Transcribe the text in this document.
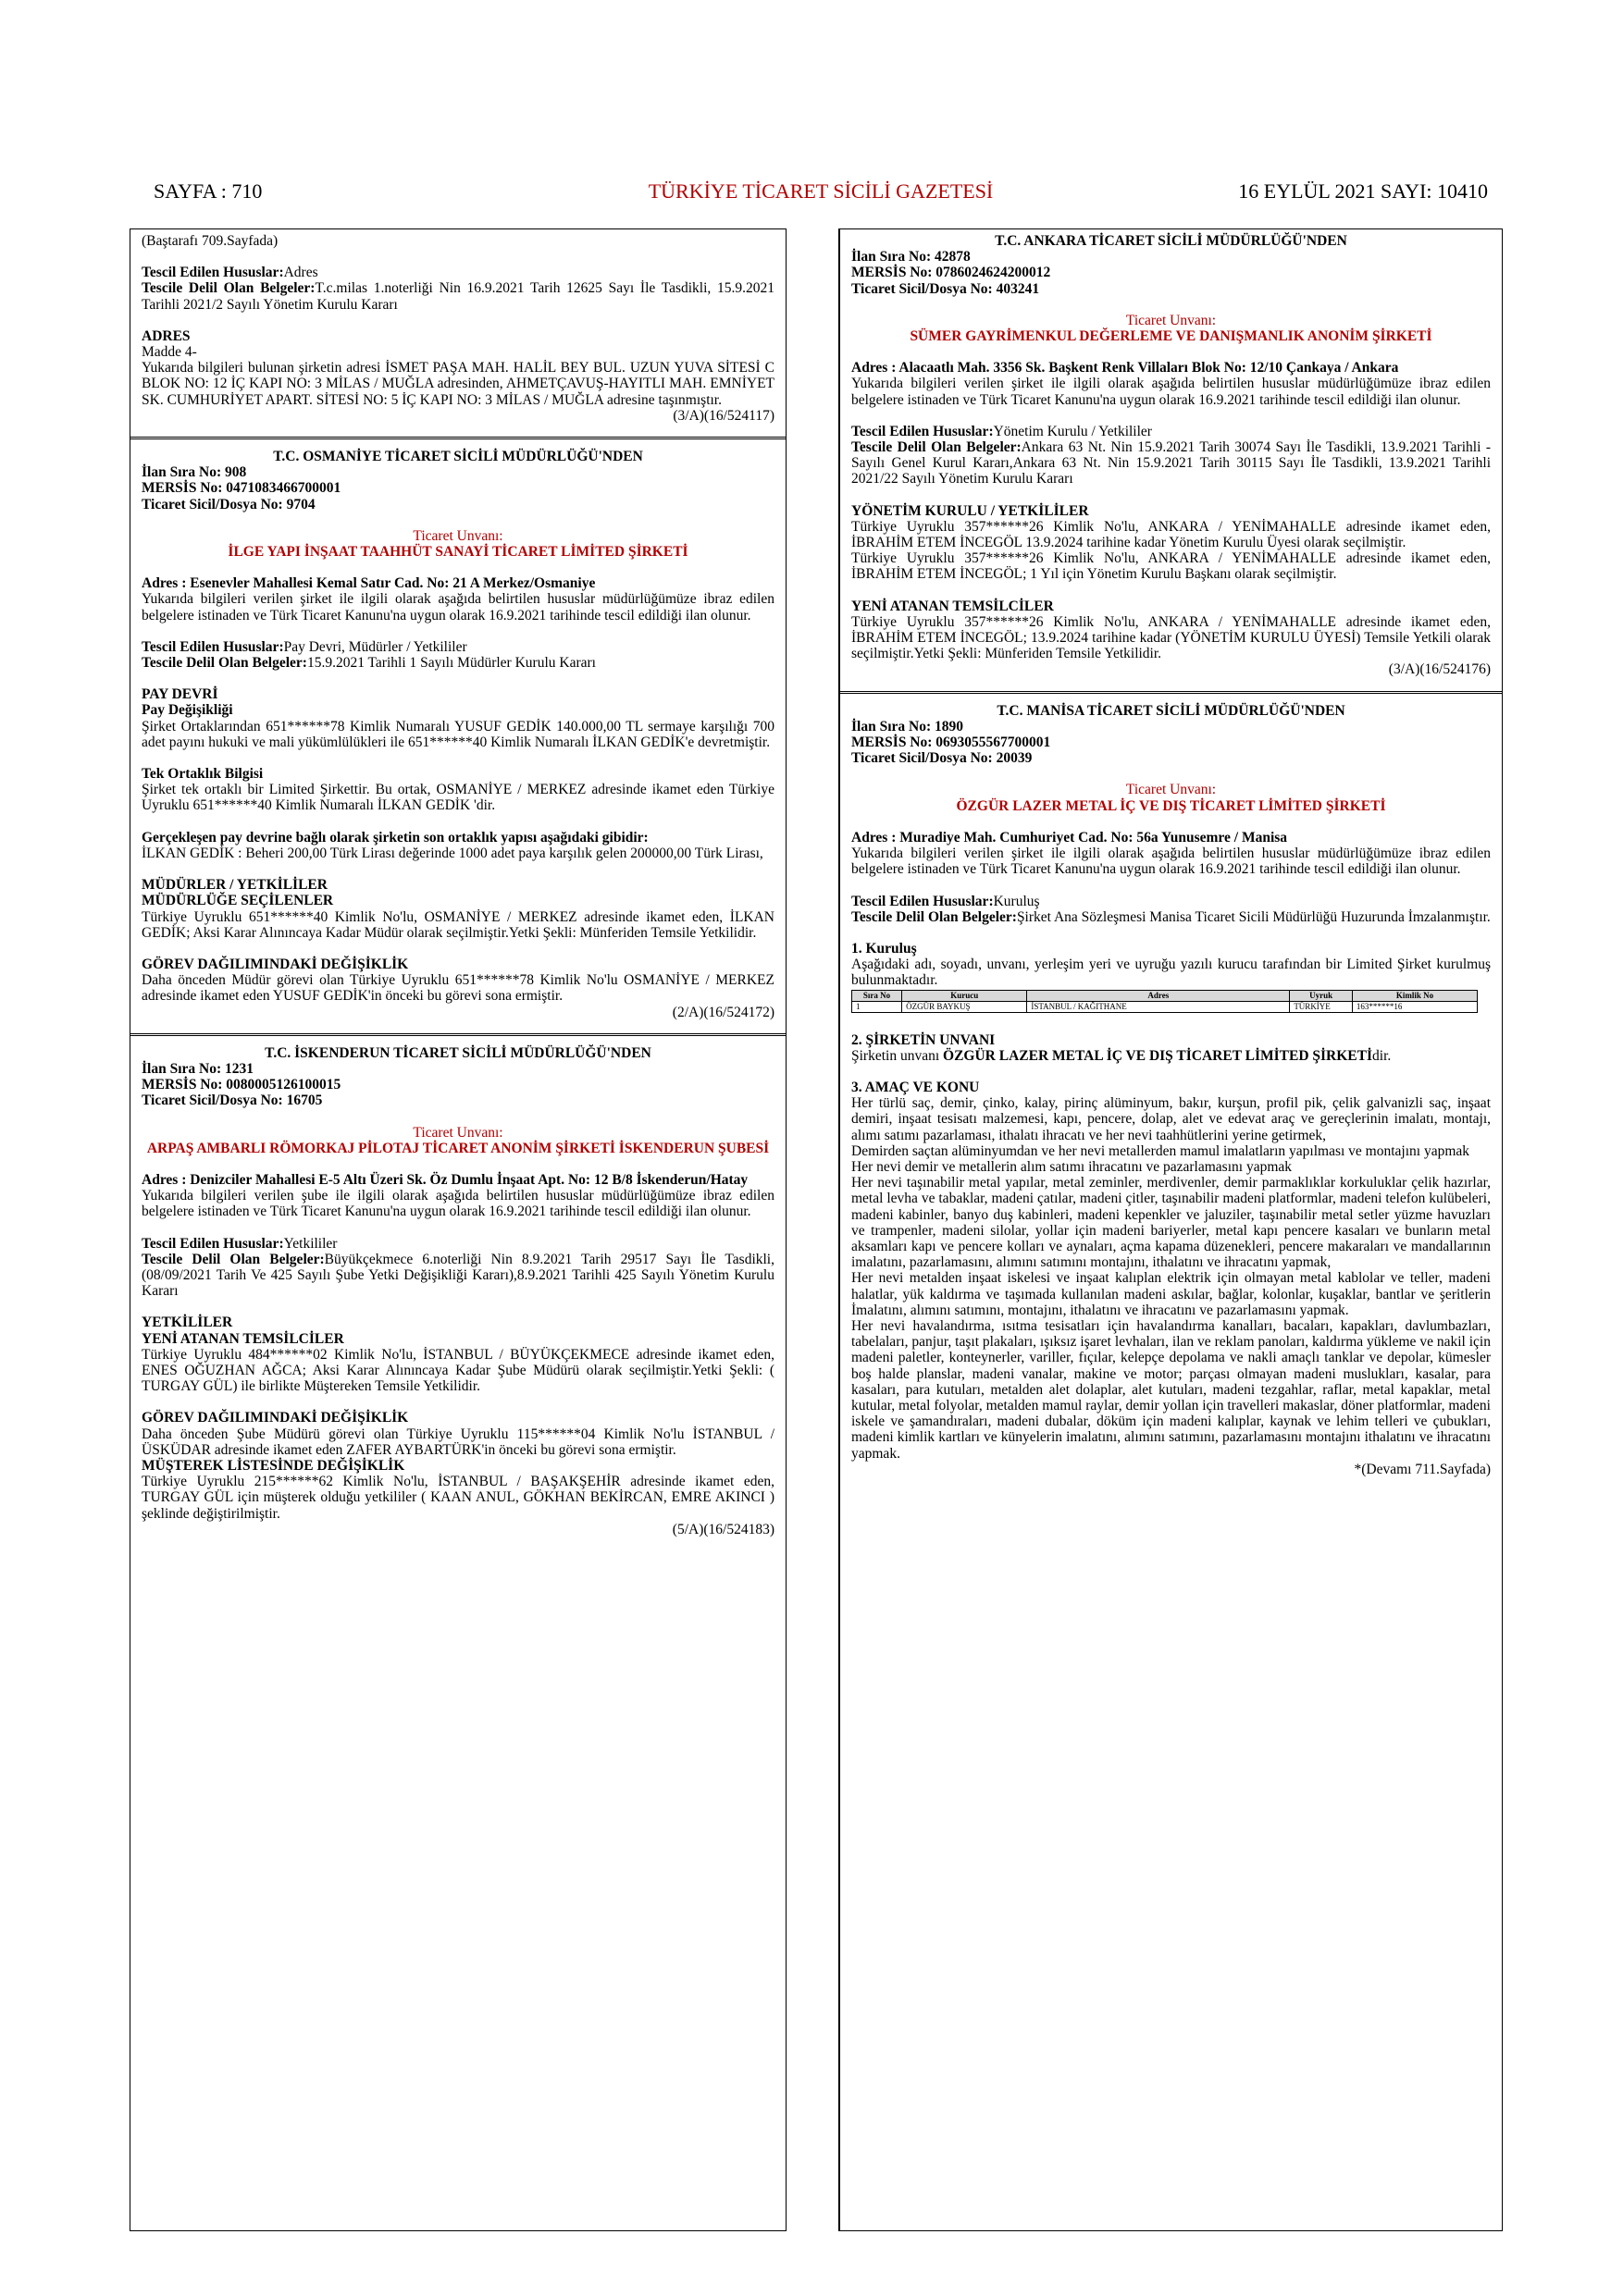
SAYFA : 710	TÜRKİYE TİCARET SİCİLİ GAZETESİ	16 EYLÜL 2021 SAYI: 10410

(Baştarafı 709.Sayfada)

Tescil Edilen Hususlar:Adres

Tescile Delil Olan Belgeler:T.c.milas 1.noterliği Nin 16.9.2021 Tarih 12625 Sayı İle Tasdikli, 15.9.2021 Tarihli 2021/2 Sayılı Yönetim Kurulu Kararı

ADRES

Madde 4-

Yukarıda bilgileri bulunan şirketin adresi İSMET PAŞA MAH. HALİL BEY BUL. UZUN YUVA SİTESİ C BLOK NO: 12 İÇ KAPI NO: 3 MİLAS / MUĞLA adresinden, AHMETÇAVUŞ-HAYITLI MAH. EMNİYET SK. CUMHURİYET APART. SİTESİ NO: 5 İÇ KAPI NO: 3 MİLAS / MUĞLA adresine taşınmıştır.

(3/A)(16/524117)

T.C. OSMANİYE TİCARET SİCİLİ MÜDÜRLÜĞÜ'NDEN

İlan Sıra No: 908

MERSİS No: 0471083466700001

Ticaret Sicil/Dosya No: 9704

Ticaret Unvanı:

İLGE YAPI İNŞAAT TAAHHÜT SANAYİ TİCARET LİMİTED ŞİRKETİ

Adres : Esenevler Mahallesi Kemal Satır Cad. No: 21 A Merkez/Osmaniye

Yukarıda bilgileri verilen şirket ile ilgili olarak aşağıda belirtilen hususlar müdürlüğümüze ibraz edilen belgelere istinaden ve Türk Ticaret Kanunu'na uygun olarak 16.9.2021 tarihinde tescil edildiği ilan olunur.

Tescil Edilen Hususlar:Pay Devri, Müdürler / Yetkililer

Tescile Delil Olan Belgeler:15.9.2021 Tarihli 1 Sayılı Müdürler Kurulu Kararı

PAY DEVRİ

Pay Değişikliği

Şirket Ortaklarından 651******78 Kimlik Numaralı YUSUF GEDİK 140.000,00 TL sermaye karşılığı 700 adet payını hukuki ve mali yükümlülükleri ile 651******40 Kimlik Numaralı İLKAN GEDİK'e devretmiştir.

Tek Ortaklık Bilgisi

Şirket tek ortaklı bir Limited Şirkettir. Bu ortak, OSMANİYE / MERKEZ adresinde ikamet eden Türkiye Uyruklu 651******40 Kimlik Numaralı İLKAN GEDİK 'dir.

Gerçekleşen pay devrine bağlı olarak şirketin son ortaklık yapısı aşağıdaki gibidir:

İLKAN GEDİK : Beheri 200,00 Türk Lirası değerinde 1000 adet paya karşılık gelen 200000,00 Türk Lirası,

MÜDÜRLER / YETKİLİLER

MÜDÜRLÜĞE SEÇİLENLER

Türkiye Uyruklu 651******40 Kimlik No'lu, OSMANİYE / MERKEZ adresinde ikamet eden, İLKAN GEDİK; Aksi Karar Alınıncaya Kadar Müdür olarak seçilmiştir.Yetki Şekli: Münferiden Temsile Yetkilidir.

GÖREV DAĞILIMINDAKİ DEĞİŞİKLİK

Daha önceden Müdür görevi olan Türkiye Uyruklu 651******78 Kimlik No'lu OSMANİYE / MERKEZ adresinde ikamet eden YUSUF GEDİK'in önceki bu görevi sona ermiştir.

(2/A)(16/524172)

T.C. İSKENDERUN TİCARET SİCİLİ MÜDÜRLÜĞÜ'NDEN

İlan Sıra No: 1231

MERSİS No: 0080005126100015

Ticaret Sicil/Dosya No: 16705

Ticaret Unvanı:

ARPAŞ AMBARLI RÖMORKAJ PİLOTAJ TİCARET ANONİM ŞİRKETİ İSKENDERUN ŞUBESİ

Adres : Denizciler Mahallesi E-5 Altı Üzeri Sk. Öz Dumlu İnşaat Apt. No: 12 B/8 İskenderun/Hatay

Yukarıda bilgileri verilen şube ile ilgili olarak aşağıda belirtilen hususlar müdürlüğümüze ibraz edilen belgelere istinaden ve Türk Ticaret Kanunu'na uygun olarak 16.9.2021 tarihinde tescil edildiği ilan olunur.

Tescil Edilen Hususlar:Yetkililer

Tescile Delil Olan Belgeler:Büyükçekmece 6.noterliği Nin 8.9.2021 Tarih 29517 Sayı İle Tasdikli, (08/09/2021 Tarih Ve 425 Sayılı Şube Yetki Değişikliği Kararı),8.9.2021 Tarihli 425 Sayılı Yönetim Kurulu Kararı

YETKİLİLER

YENİ ATANAN TEMSİLCİLER

Türkiye Uyruklu 484******02 Kimlik No'lu, İSTANBUL / BÜYÜKÇEKMECE adresinde ikamet eden, ENES OĞUZHAN AĞCA; Aksi Karar Alınıncaya Kadar Şube Müdürü olarak seçilmiştir.Yetki Şekli: ( TURGAY GÜL) ile birlikte Müştereken Temsile Yetkilidir.

GÖREV DAĞILIMINDAKİ DEĞİŞİKLİK

Daha önceden Şube Müdürü görevi olan Türkiye Uyruklu 115******04 Kimlik No'lu İSTANBUL / ÜSKÜDAR adresinde ikamet eden ZAFER AYBARTÜRK'in önceki bu görevi sona ermiştir.

MÜŞTEREK LİSTESİNDE DEĞİŞİKLİK

Türkiye Uyruklu 215******62 Kimlik No'lu, İSTANBUL / BAŞAKŞEHİR adresinde ikamet eden, TURGAY GÜL için müşterek olduğu yetkililer ( KAAN ANUL, GÖKHAN BEKİRCAN, EMRE AKINCI ) şeklinde değiştirilmiştir.

(5/A)(16/524183)

T.C. ANKARA TİCARET SİCİLİ MÜDÜRLÜĞÜ'NDEN

İlan Sıra No: 42878

MERSİS No: 0786024624200012

Ticaret Sicil/Dosya No: 403241

Ticaret Unvanı:

SÜMER GAYRİMENKUL DEĞERLEME VE DANIŞMANLIK ANONİM ŞİRKETİ

Adres : Alacaatlı Mah. 3356 Sk. Başkent Renk Villaları Blok No: 12/10 Çankaya / Ankara

Yukarıda bilgileri verilen şirket ile ilgili olarak aşağıda belirtilen hususlar müdürlüğümüze ibraz edilen belgelere istinaden ve Türk Ticaret Kanunu'na uygun olarak 16.9.2021 tarihinde tescil edildiği ilan olunur.

Tescil Edilen Hususlar:Yönetim Kurulu / Yetkililer

Tescile Delil Olan Belgeler:Ankara 63 Nt. Nin 15.9.2021 Tarih 30074 Sayı İle Tasdikli, 13.9.2021 Tarihli - Sayılı Genel Kurul Kararı,Ankara 63 Nt. Nin 15.9.2021 Tarih 30115 Sayı İle Tasdikli, 13.9.2021 Tarihli 2021/22 Sayılı Yönetim Kurulu Kararı

YÖNETİM KURULU / YETKİLİLER

Türkiye Uyruklu 357******26 Kimlik No'lu, ANKARA / YENİMAHALLE adresinde ikamet eden, İBRAHİM ETEM İNCEGÖL 13.9.2024 tarihine kadar Yönetim Kurulu Üyesi olarak seçilmiştir.

Türkiye Uyruklu 357******26 Kimlik No'lu, ANKARA / YENİMAHALLE adresinde ikamet eden, İBRAHİM ETEM İNCEGÖL; 1 Yıl için Yönetim Kurulu Başkanı olarak seçilmiştir.

YENİ ATANAN TEMSİLCİLER

Türkiye Uyruklu 357******26 Kimlik No'lu, ANKARA / YENİMAHALLE adresinde ikamet eden, İBRAHİM ETEM İNCEGÖL; 13.9.2024 tarihine kadar (YÖNETİM KURULU ÜYESİ) Temsile Yetkili olarak seçilmiştir.Yetki Şekli: Münferiden Temsile Yetkilidir.

(3/A)(16/524176)

T.C. MANİSA TİCARET SİCİLİ MÜDÜRLÜĞÜ'NDEN

İlan Sıra No: 1890

MERSİS No: 0693055567700001

Ticaret Sicil/Dosya No: 20039

Ticaret Unvanı:

ÖZGÜR LAZER METAL İÇ VE DIŞ TİCARET LİMİTED ŞİRKETİ

Adres : Muradiye Mah. Cumhuriyet Cad. No: 56a Yunusemre / Manisa

Yukarıda bilgileri verilen şirket ile ilgili olarak aşağıda belirtilen hususlar müdürlüğümüze ibraz edilen belgelere istinaden ve Türk Ticaret Kanunu'na uygun olarak 16.9.2021 tarihinde tescil edildiği ilan olunur.

Tescil Edilen Hususlar:Kuruluş

Tescile Delil Olan Belgeler:Şirket Ana Sözleşmesi Manisa Ticaret Sicili Müdürlüğü Huzurunda İmzalanmıştır.

1. Kuruluş

Aşağıdaki adı, soyadı, unvanı, yerleşim yeri ve uyruğu yazılı kurucu tarafından bir Limited Şirket kurulmuş bulunmaktadır.

Sıra No	Kurucu	Adres	Uyruk	Kimlik No
1	ÖZGÜR BAYKUŞ	İSTANBUL / KAĞITHANE	TÜRKİYE	163******16

2. ŞİRKETİN UNVANI

Şirketin unvanı ÖZGÜR LAZER METAL İÇ VE DIŞ TİCARET LİMİTED ŞİRKETİdir.

3. AMAÇ VE KONU

Her türlü saç, demir, çinko, kalay, pirinç alüminyum, bakır, kurşun, profil pik, çelik galvanizli saç, inşaat demiri, inşaat tesisatı malzemesi, kapı, pencere, dolap, alet ve edevat araç ve gereçlerinin imalatı, montajı, alımı satımı pazarlaması, ithalatı ihracatı ve her nevi taahhütlerini yerine getirmek,

Demirden saçtan alüminyumdan ve her nevi metallerden mamul imalatların yapılması ve montajını yapmak

Her nevi demir ve metallerin alım satımı ihracatını ve pazarlamasını yapmak

Her nevi taşınabilir metal yapılar, metal zeminler, merdivenler, demir parmaklıklar korkuluklar çelik hazırlar, metal levha ve tabaklar, madeni çatılar, madeni çitler, taşınabilir madeni platformlar, madeni telefon kulübeleri, madeni kabinler, banyo duş kabinleri, madeni kepenkler ve jaluziler, taşınabilir metal setler yüzme havuzları ve trampenler, madeni silolar, yollar için madeni bariyerler, metal kapı pencere kasaları ve bunların metal aksamları kapı ve pencere kolları ve aynaları, açma kapama düzenekleri, pencere makaraları ve mandallarının imalatını, pazarlamasını, alımını satımını montajını, ithalatını ve ihracatını yapmak,

Her nevi metalden inşaat iskelesi ve inşaat kalıplan elektrik için olmayan metal kablolar ve teller, madeni halatlar, yük kaldırma ve taşımada kullanılan madeni askılar, bağlar, kolonlar, kuşaklar, bantlar ve şeritlerin İmalatını, alımını satımını, montajını, ithalatını ve ihracatını ve pazarlamasını yapmak.

Her nevi havalandırma, ısıtma tesisatları için havalandırma kanalları, bacaları, kapakları, davlumbazları, tabelaları, panjur, taşıt plakaları, ışıksız işaret levhaları, ilan ve reklam panoları, kaldırma yükleme ve nakil için madeni paletler, konteynerler, variller, fıçılar, kelepçe depolama ve nakli amaçlı tanklar ve depolar, kümesler boş halde planslar, madeni vanalar, makine ve motor; parçası olmayan madeni muslukları, kasalar, para kasaları, para kutuları, metalden alet dolaplar, alet kutuları, madeni tezgahlar, raflar, metal kapaklar, metal kutular, metal folyolar, metalden mamul raylar, demir yollan için travelleri makaslar, döner platformlar, madeni iskele ve şamandıraları, madeni dubalar, döküm için madeni kalıplar, kaynak ve lehim telleri ve çubukları, madeni kimlik kartları ve künyelerin imalatını, alımını satımını, pazarlamasını montajını ithalatını ve ihracatını yapmak.

*(Devamı 711.Sayfada)
